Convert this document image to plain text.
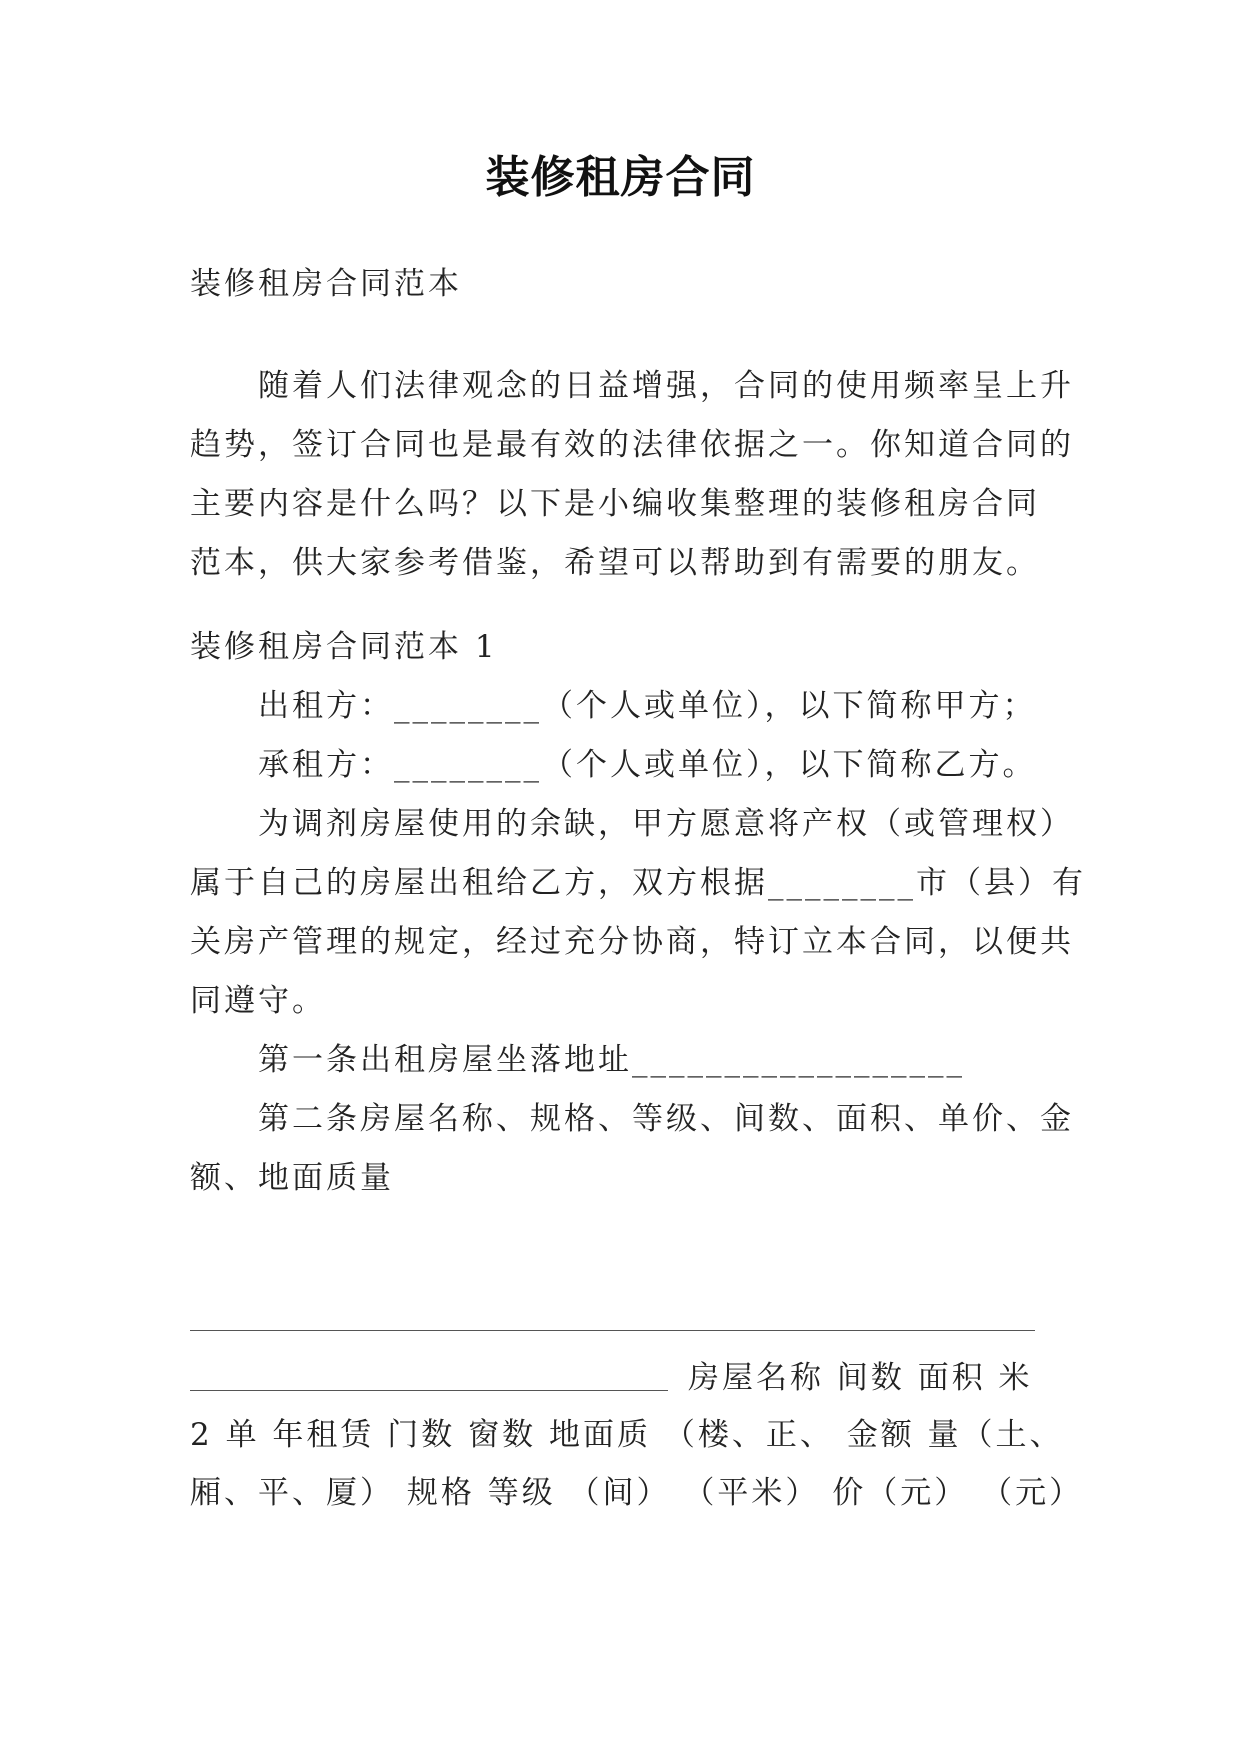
装修租房合同
装修租房合同范本

随着人们法律观念的日益增强，合同的使用频率呈上升

趋势，签订合同也是最有效的法律依据之一。你知道合同的

主要内容是什么吗？以下是小编收集整理的装修租房合同

范本，供大家参考借鉴，希望可以帮助到有需要的朋友。

装修租房合同范本 1

出租方：________（个人或单位），以下简称甲方；

承租方：________（个人或单位），以下简称乙方。

为调剂房屋使用的余缺，甲方愿意将产权（或管理权）

属于自己的房屋出租给乙方，双方根据________市（县）有

关房产管理的规定，经过充分协商，特订立本合同，以便共

同遵守。

第一条出租房屋坐落地址__________________

第二条房屋名称、规格、等级、间数、面积、单价、金

额、地面质量

房屋名称 间数 面积 米
2 单 年租赁 门数 窗数 地面质 （楼、正、 金额 量（土、
厢、平、厦） 规格 等级 （间） （平米） 价（元） （元）
